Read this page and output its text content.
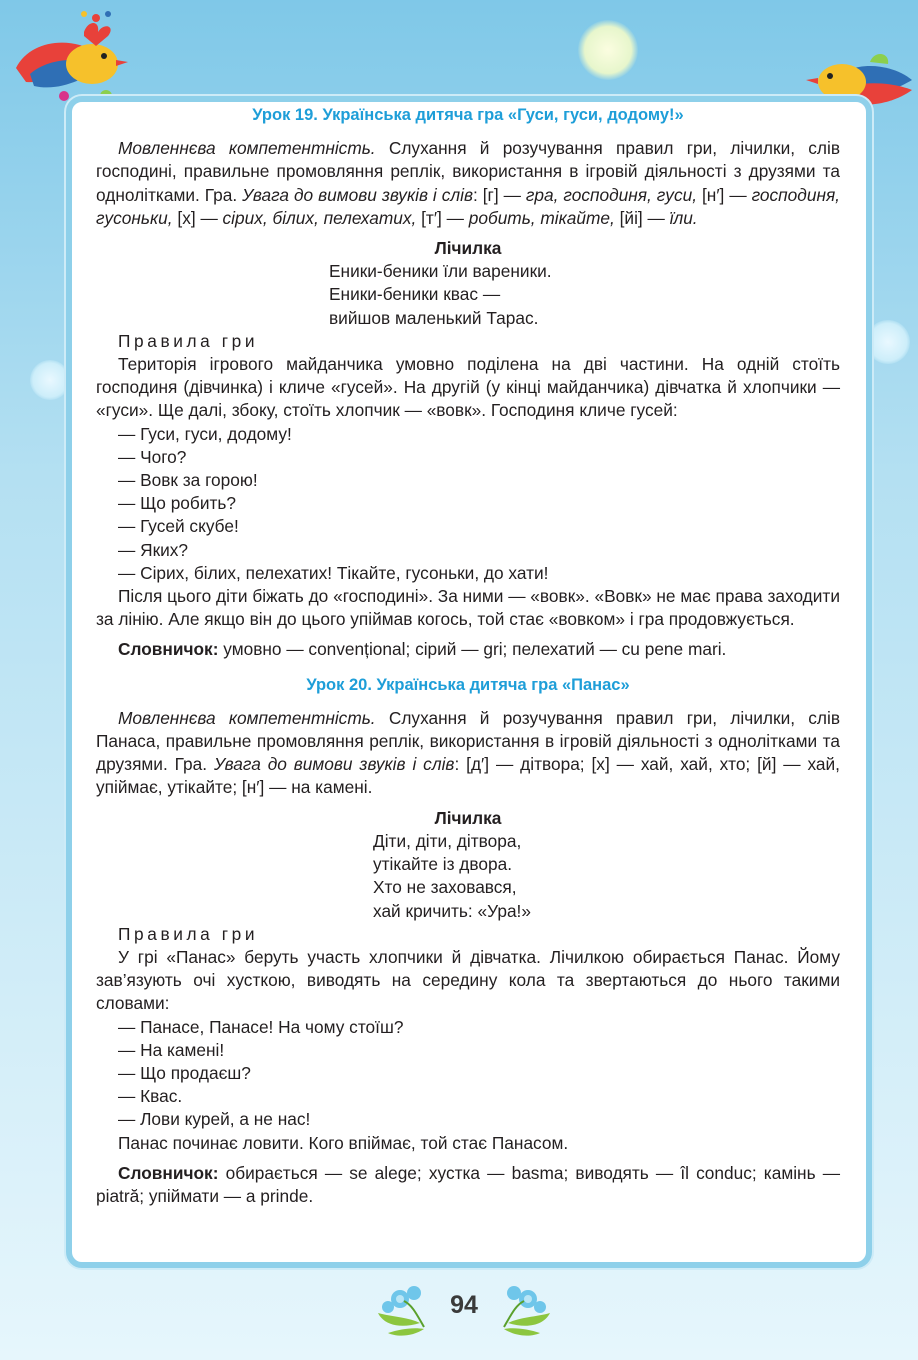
Урок 19. Українська дитяча гра «Гуси, гуси, додому!»

Мовленнєва компетентність. Слухання й розучування правил гри, лічилки, слів господині, правильне промовляння реплік, використання в ігровій діяльності з друзями та однолітками. Гра. Увага до вимови звуків і слів: [г] — гра, господиня, гуси, [н′] — господиня, гусоньки, [х] — сірих, білих, пелехатих, [т′] — робить, тікайте, [йі] — їли.

Лічилка

Еники-беники їли вареники.

Еники-беники квас —

вийшов маленький Тарас.

Правила гри

Територія ігрового майданчика умовно поділена на дві частини. На одній стоїть господиня (дівчинка) і кличе «гусей». На другій (у кінці майданчика) дівчатка й хлопчики — «гуси». Ще далі, збоку, стоїть хлопчик — «вовк». Господиня кличе гусей:

— Гуси, гуси, додому!

— Чого?

— Вовк за горою!

— Що робить?

— Гусей скубе!

— Яких?

— Сірих, білих, пелехатих! Тікайте, гусоньки, до хати!

Після цього діти біжать до «господині». За ними — «вовк». «Вовк» не має права заходити за лінію. Але якщо він до цього упіймав когось, той стає «вовком» і гра продовжується.

Словничок: умовно — convențional; сірий — gri; пелехатий — cu pene mari.

Урок 20. Українська дитяча гра «Панас»

Мовленнєва компетентність. Слухання й розучування правил гри, лічилки, слів Панаса, правильне промовляння реплік, використання в ігровій діяльності з однолітками та друзями. Гра. Увага до вимови звуків і слів: [д′] — дітвора; [х] — хай, хай, хто; [й] — хай, упіймає, утікайте; [н′] — на камені.

Лічилка

Діти, діти, дітвора,

утікайте із двора.

Хто не заховався,

хай кричить: «Ура!»

Правила гри

У грі «Панас» беруть участь хлопчики й дівчатка. Лічилкою обирається Панас. Йому зав’язують очі хусткою, виводять на середину кола та звертаються до нього такими словами:

— Панасе, Панасе! На чому стоїш?

— На камені!

— Що продаєш?

— Квас.

— Лови курей, а не нас!

Панас починає ловити. Кого впіймає, той стає Панасом.

Словничок: обирається — se alege; хустка — basma; виводять — îl conduc; камінь — piatră; упіймати — a prinde.

94
